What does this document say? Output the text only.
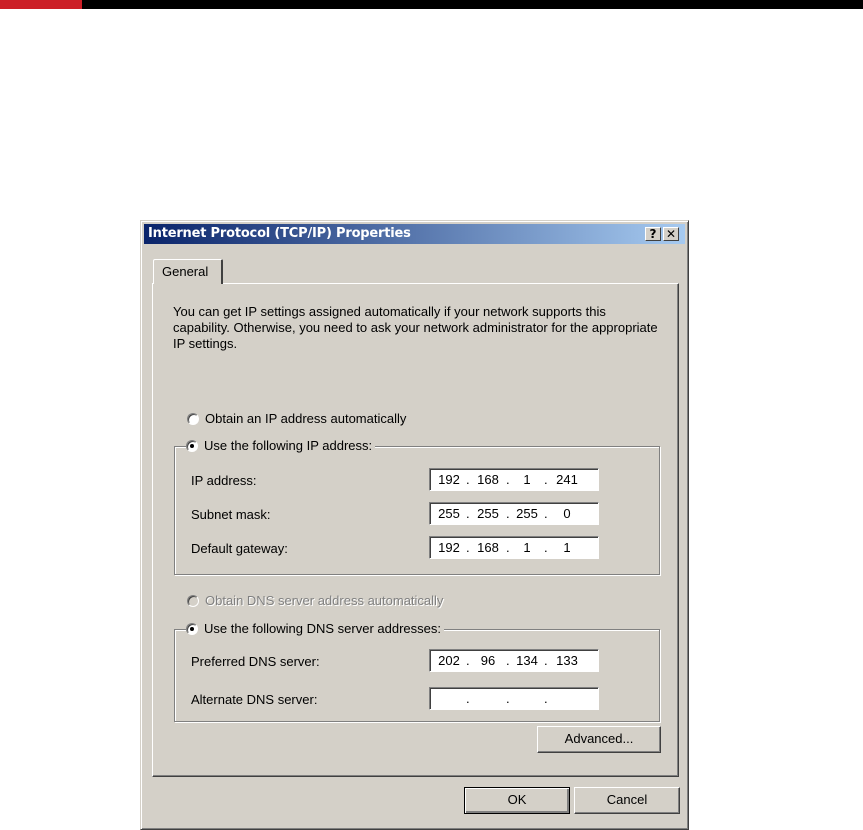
Internet Protocol (TCP/IP) Properties	? ✕
General
You can get IP settings assigned automatically if your network supports this capability. Otherwise, you need to ask your network administrator for the appropriate IP settings.
Obtain an IP address automatically
Use the following IP address:
IP address:	192 . 168 .	1	. 241
Subnet mask:	255 . 255 . 255 .	0
Default gateway:	192 . 168 .	1	.	1
Obtain DNS server address automatically
Use the following DNS server addresses:
Preferred DNS server:	202 . 96 . 134 . 133
Alternate DNS server:	.	.	.
Advanced...
OK	Cancel
